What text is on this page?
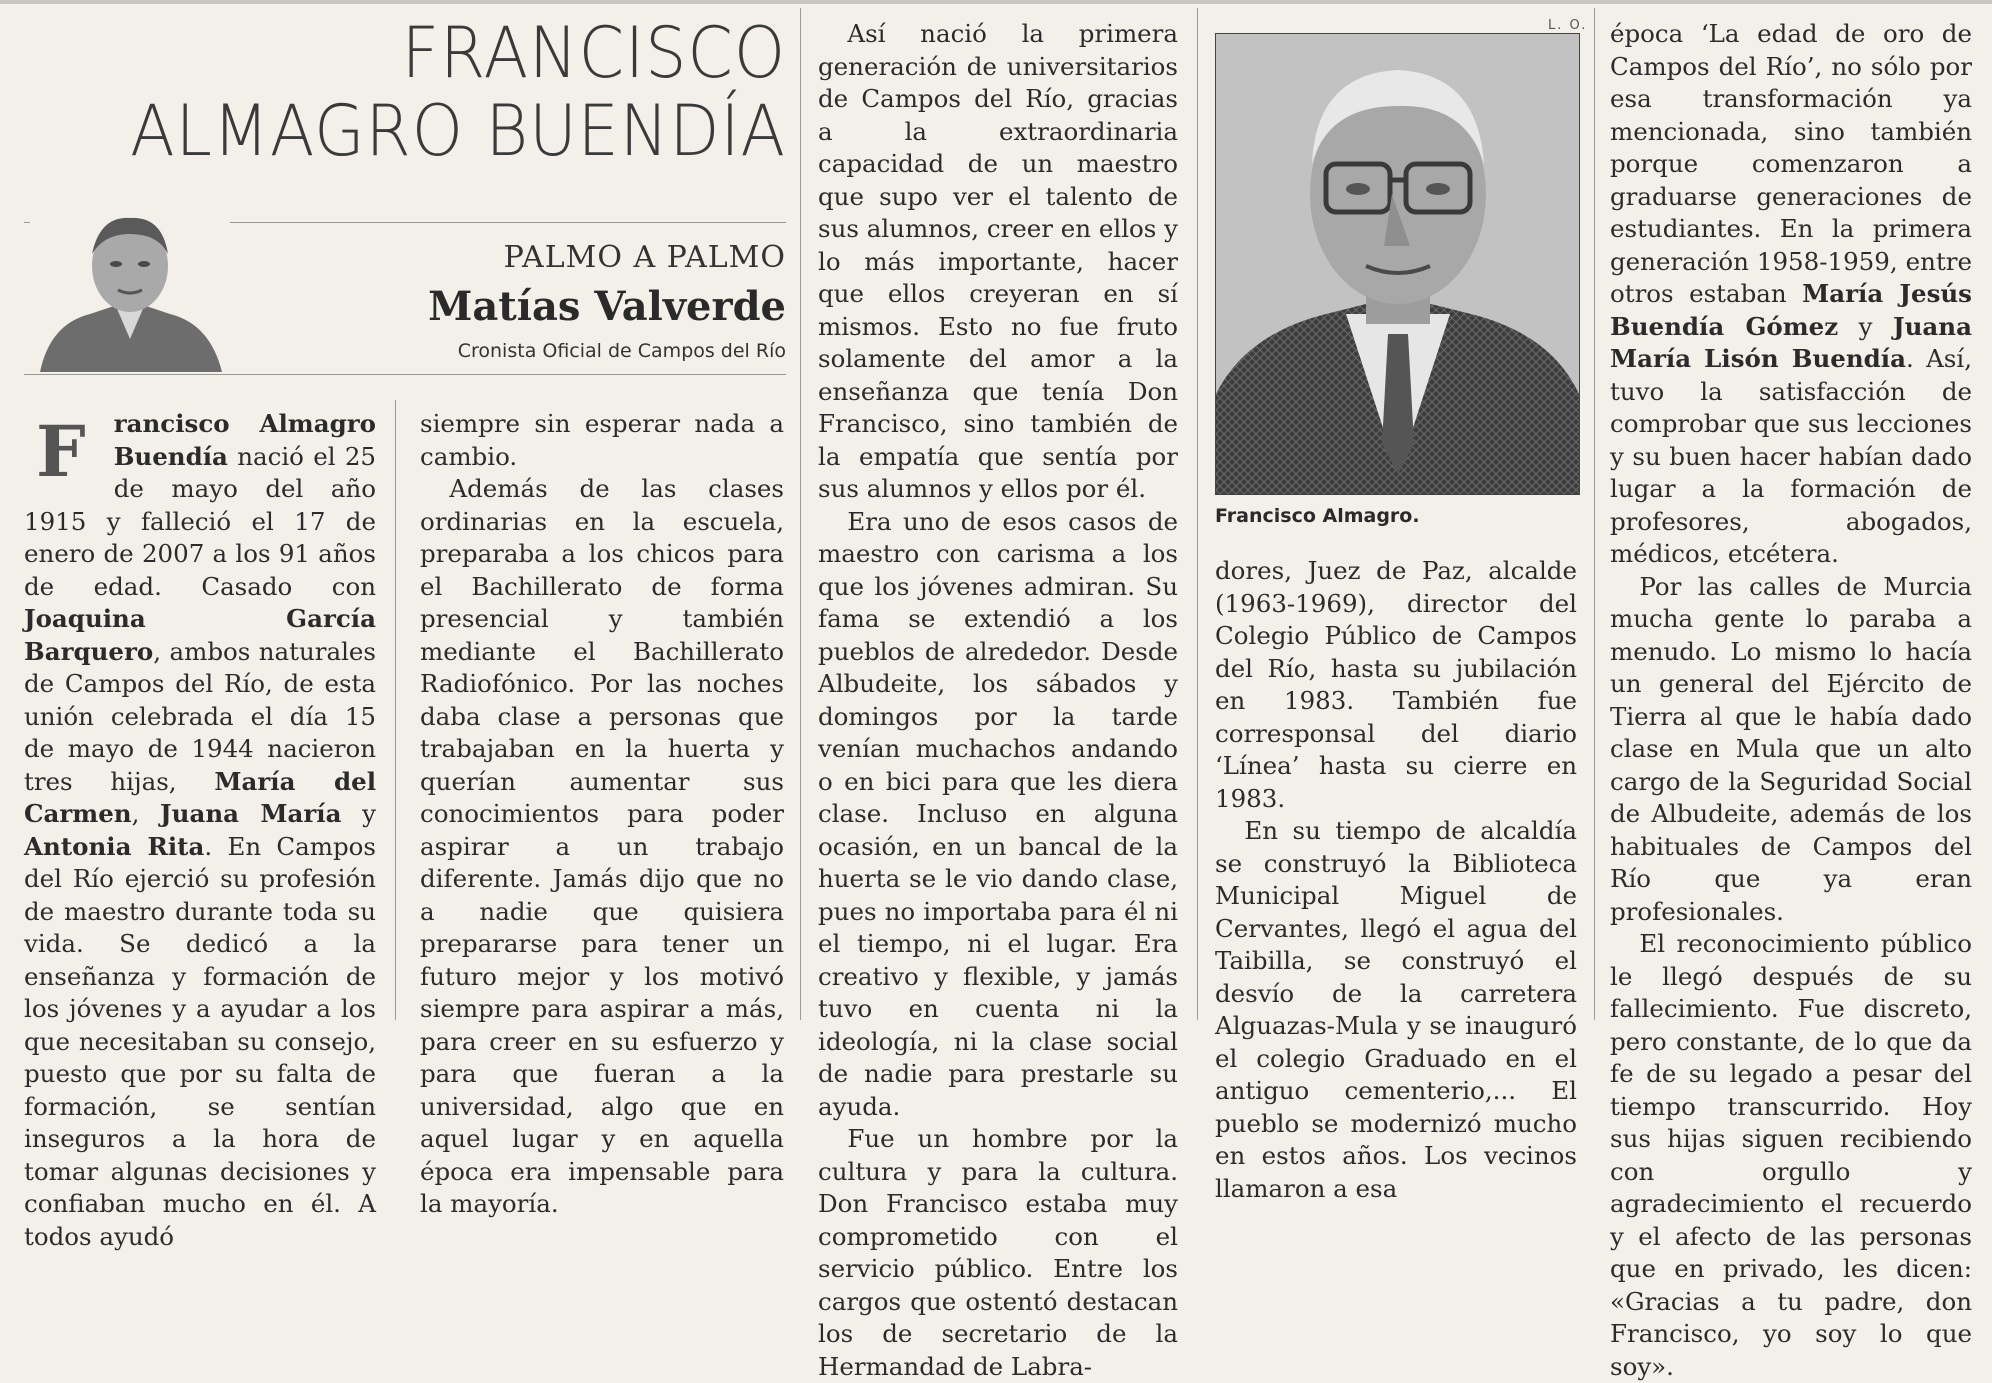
FRANCISCO
ALMAGRO BUENDÍA
PALMO A PALMO
Matías Valverde
Cronista Oficial de Campos del Río

F rancisco Almagro Buendía nació el 25 de mayo del año 1915 y falleció el 17 de enero de 2007 a los 91 años de edad. Casado con Joaquina García Barquero, ambos naturales de Campos del Río, de esta unión celebrada el día 15 de mayo de 1944 nacieron tres hijas, María del Carmen, Juana María y Antonia Rita. En Campos del Río ejerció su profesión de maestro durante toda su vida. Se dedicó a la enseñanza y formación de los jóvenes y a ayudar a los que necesitaban su consejo, puesto que por su falta de formación, se sentían inseguros a la hora de tomar algunas decisiones y confiaban mucho en él. A todos ayudó

siempre sin esperar nada a cambio.

Además de las clases ordinarias en la escuela, preparaba a los chicos para el Bachillerato de forma presencial y también mediante el Bachillerato Radiofónico. Por las noches daba clase a personas que trabajaban en la huerta y querían aumentar sus conocimientos para poder aspirar a un trabajo diferente. Jamás dijo que no a nadie que quisiera prepararse para tener un futuro mejor y los motivó siempre para aspirar a más, para creer en su esfuerzo y para que fueran a la universidad, algo que en aquel lugar y en aquella época era impensable para la mayoría.

Así nació la primera generación de universitarios de Campos del Río, gracias a la extraordinaria capacidad de un maestro que supo ver el talento de sus alumnos, creer en ellos y lo más importante, hacer que ellos creyeran en sí mismos. Esto no fue fruto solamente del amor a la enseñanza que tenía Don Francisco, sino también de la empatía que sentía por sus alumnos y ellos por él.

Era uno de esos casos de maestro con carisma a los que los jóvenes admiran. Su fama se extendió a los pueblos de alrededor. Desde Albudeite, los sábados y domingos por la tarde venían muchachos andando o en bici para que les diera clase. Incluso en alguna ocasión, en un bancal de la huerta se le vio dando clase, pues no importaba para él ni el tiempo, ni el lugar. Era creativo y flexible, y jamás tuvo en cuenta ni la ideología, ni la clase social de nadie para prestarle su ayuda.

Fue un hombre por la cultura y para la cultura. Don Francisco estaba muy comprometido con el servicio público. Entre los cargos que ostentó destacan los de secretario de la Hermandad de Labra-

L. O.
Francisco Almagro.

dores, Juez de Paz, alcalde (1963-1969), director del Colegio Público de Campos del Río, hasta su jubilación en 1983. También fue corresponsal del diario ‘Línea’ hasta su cierre en 1983.

En su tiempo de alcaldía se construyó la Biblioteca Municipal Miguel de Cervantes, llegó el agua del Taibilla, se construyó el desvío de la carretera Alguazas-Mula y se inauguró el colegio Graduado en el antiguo cementerio,... El pueblo se modernizó mucho en estos años. Los vecinos llamaron a esa

época ‘La edad de oro de Campos del Río’, no sólo por esa transformación ya mencionada, sino también porque comenzaron a graduarse generaciones de estudiantes. En la primera generación 1958-1959, entre otros estaban María Jesús Buendía Gómez y Juana María Lisón Buendía. Así, tuvo la satisfacción de comprobar que sus lecciones y su buen hacer habían dado lugar a la formación de profesores, abogados, médicos, etcétera.

Por las calles de Murcia mucha gente lo paraba a menudo. Lo mismo lo hacía un general del Ejército de Tierra al que le había dado clase en Mula que un alto cargo de la Seguridad Social de Albudeite, además de los habituales de Campos del Río que ya eran profesionales.

El reconocimiento público le llegó después de su fallecimiento. Fue discreto, pero constante, de lo que da fe de su legado a pesar del tiempo transcurrido. Hoy sus hijas siguen recibiendo con orgullo y agradecimiento el recuerdo y el afecto de las personas que en privado, les dicen: «Gracias a tu padre, don Francisco, yo soy lo que soy».
